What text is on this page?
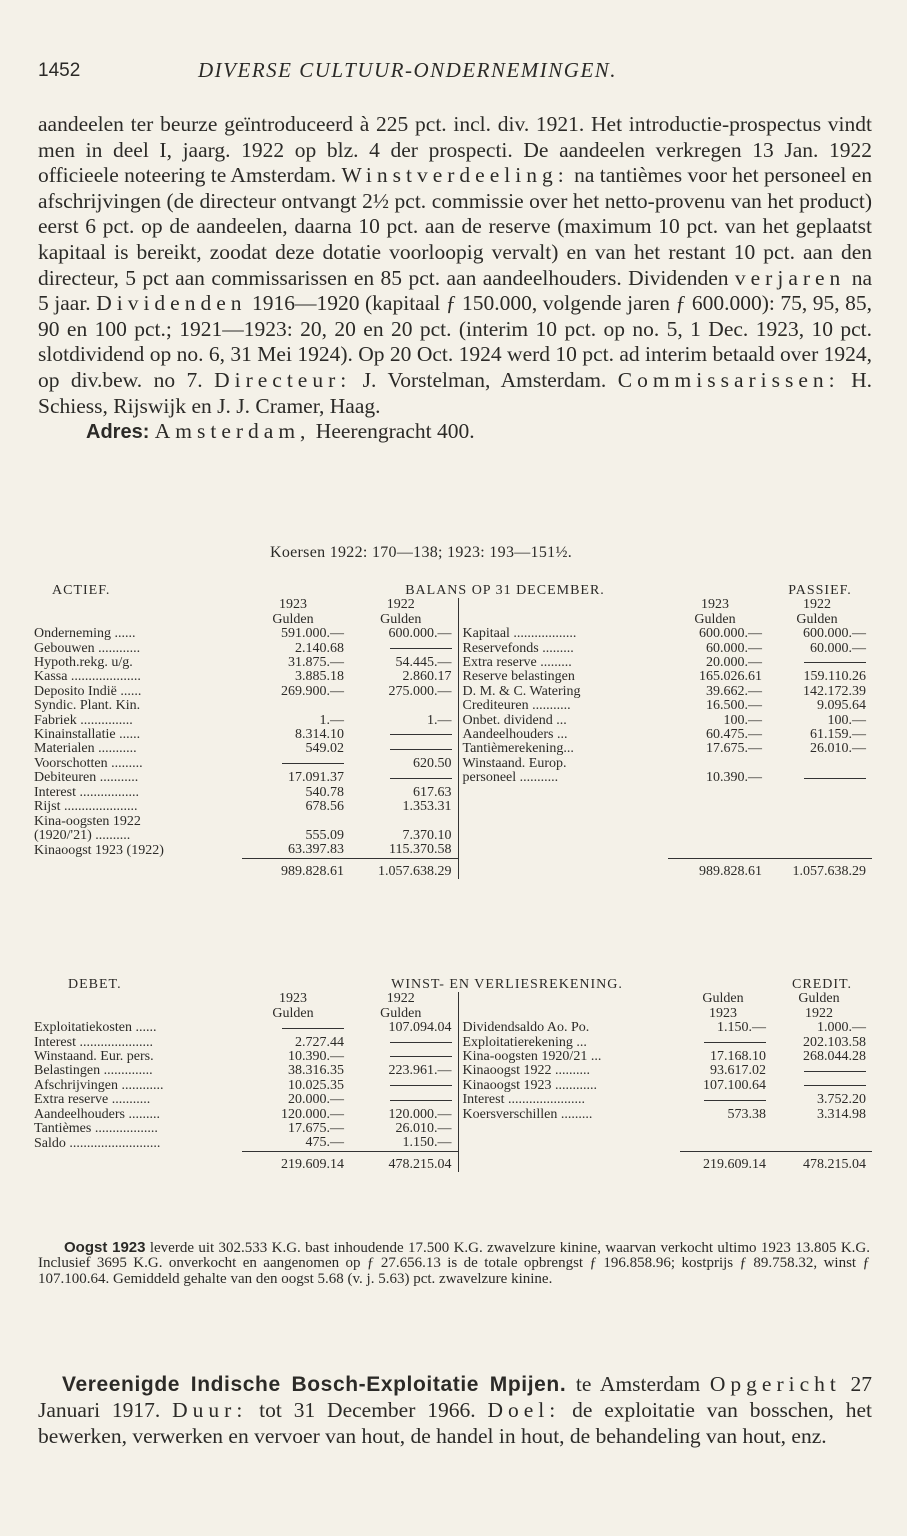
1452	DIVERSE CULTUUR-ONDERNEMINGEN.
aandeelen ter beurze geïntroduceerd à 225 pct. incl. div. 1921. Het introductie-prospectus vindt men in deel I, jaarg. 1922 op blz. 4 der prospecti. De aandeelen verkregen 13 Jan. 1922 officieele noteering te Amsterdam. Winstverdeeling: na tantièmes voor het personeel en afschrijvingen (de directeur ontvangt 2½ pct. commissie over het netto-provenu van het product) eerst 6 pct. op de aandeelen, daarna 10 pct. aan de reserve (maximum 10 pct. van het geplaatst kapitaal is bereikt, zoodat deze dotatie voorloopig vervalt) en van het restant 10 pct. aan den directeur, 5 pct aan commissarissen en 85 pct. aan aandeelhouders. Dividenden verjaren na 5 jaar. Dividenden 1916—1920 (kapitaal ƒ 150.000, volgende jaren ƒ 600.000): 75, 95, 85, 90 en 100 pct.; 1921—1923: 20, 20 en 20 pct. (interim 10 pct. op no. 5, 1 Dec. 1923, 10 pct. slotdividend op no. 6, 31 Mei 1924). Op 20 Oct. 1924 werd 10 pct. ad interim betaald over 1924, op div.bew. no 7. Directeur: J. Vorstelman, Amsterdam. Commissarissen: H. Schiess, Rijswijk en J. J. Cramer, Haag.
Adres: Amsterdam, Heerengracht 400.
Koersen 1922: 170—138; 1923: 193—151½.
ACTIEF.	BALANS OP 31 DECEMBER.				PASSIEF.
	1923	1922		1923	1922
	Gulden	Gulden		Gulden	Gulden
Onderneming ......	591.000.—	600.000.—	Kapitaal ..................	600.000.—	600.000.—
Gebouwen ............	2.140.68		Reservefonds .........	60.000.—	60.000.—
Hypoth.rekg. u/g.	31.875.—	54.445.—	Extra reserve .........	20.000.—	
Kassa ....................	3.885.18	2.860.17	Reserve belastingen	165.026.61	159.110.26
Deposito Indië ......	269.900.—	275.000.—	D. M. & C. Watering	39.662.—	142.172.39
Syndic. Plant. Kin.			Crediteuren ...........	16.500.—	9.095.64
Fabriek ...............	1.—	1.—	Onbet. dividend ...	100.—	100.—
Kinainstallatie ......	8.314.10		Aandeelhouders ...	60.475.—	61.159.—
Materialen ...........	549.02		Tantièmerekening...	17.675.—	26.010.—
Voorschotten .........		620.50	Winstaand. Europ.		
Debiteuren ...........	17.091.37		personeel ...........	10.390.—	
Interest .................	540.78	617.63			
Rijst .....................	678.56	1.353.31			
Kina-oogsten 1922					
(1920/'21) ..........	555.09	7.370.10			
Kinaoogst 1923 (1922)	63.397.83	115.370.58			
	989.828.61	1.057.638.29		989.828.61	1.057.638.29
DEBET.	WINST- EN VERLIESREKENING.				CREDIT.
	1923	1922		Gulden	Gulden
	Gulden	Gulden		1923	1922
Exploitatiekosten ......		107.094.04	Dividendsaldo Ao. Po.	1.150.—	1.000.—
Interest .....................	2.727.44		Exploitatierekening ...		202.103.58
Winstaand. Eur. pers.	10.390.—		Kina-oogsten 1920/21 ...	17.168.10	268.044.28
Belastingen ..............	38.316.35	223.961.—	Kinaoogst 1922 ..........	93.617.02	
Afschrijvingen ............	10.025.35		Kinaoogst 1923 ............	107.100.64	
Extra reserve ...........	20.000.—		Interest ......................		3.752.20
Aandeelhouders .........	120.000.—	120.000.—	Koersverschillen .........	573.38	3.314.98
Tantièmes ..................	17.675.—	26.010.—			
Saldo ..........................	475.—	1.150.—			
	219.609.14	478.215.04		219.609.14	478.215.04
Oogst 1923 leverde uit 302.533 K.G. bast inhoudende 17.500 K.G. zwavelzure kinine, waarvan verkocht ultimo 1923 13.805 K.G. Inclusief 3695 K.G. onverkocht en aangenomen op ƒ 27.656.13 is de totale opbrengst ƒ 196.858.96; kostprijs ƒ 89.758.32, winst ƒ 107.100.64. Gemiddeld gehalte van den oogst 5.68 (v. j. 5.63) pct. zwavelzure kinine.
Vereenigde Indische Bosch-Exploitatie Mpijen. te Amsterdam Opgericht 27 Januari 1917. Duur: tot 31 December 1966. Doel: de exploitatie van bosschen, het bewerken, verwerken en vervoer van hout, de handel in hout, de behandeling van hout, enz.
